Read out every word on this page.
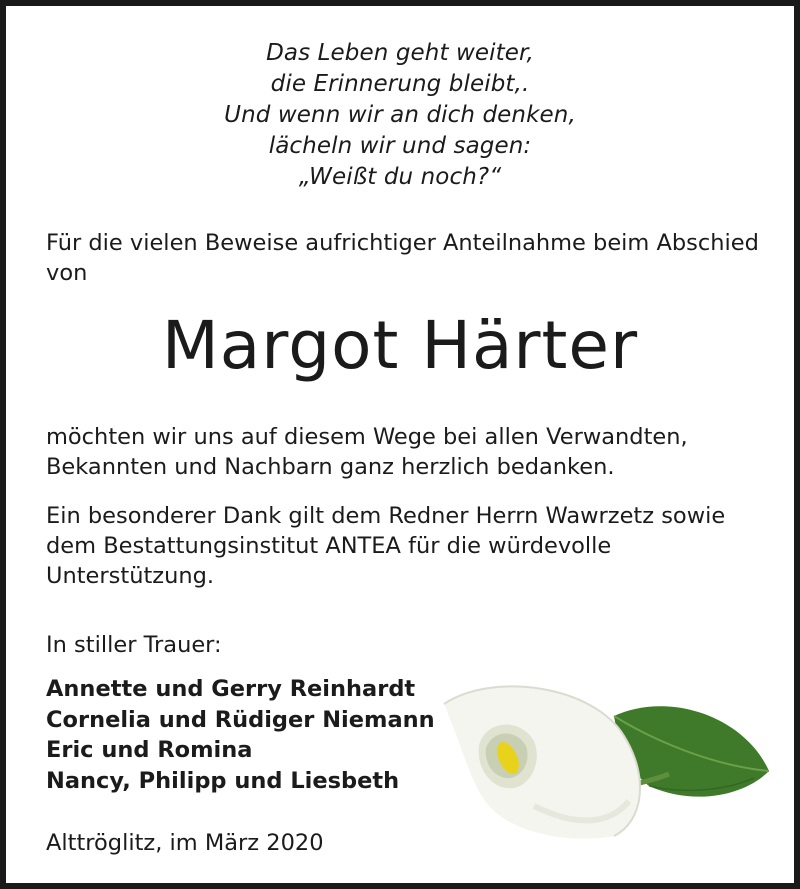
Das Leben geht weiter,
die Erinnerung bleibt,.
Und wenn wir an dich denken,
lächeln wir und sagen:
„Weißt du noch?“
Für die vielen Beweise aufrichtiger Anteilnahme beim Abschied von
Margot Härter
möchten wir uns auf diesem Wege bei allen Verwandten, Bekannten und Nachbarn ganz herzlich bedanken.
Ein besonderer Dank gilt dem Redner Herrn Wawrzetz sowie dem Bestattungsinstitut ANTEA für die würdevolle Unterstützung.
In stiller Trauer:
Annette und Gerry Reinhardt
Cornelia und Rüdiger Niemann
Eric und Romina
Nancy, Philipp und Liesbeth
Alttröglitz, im März 2020
